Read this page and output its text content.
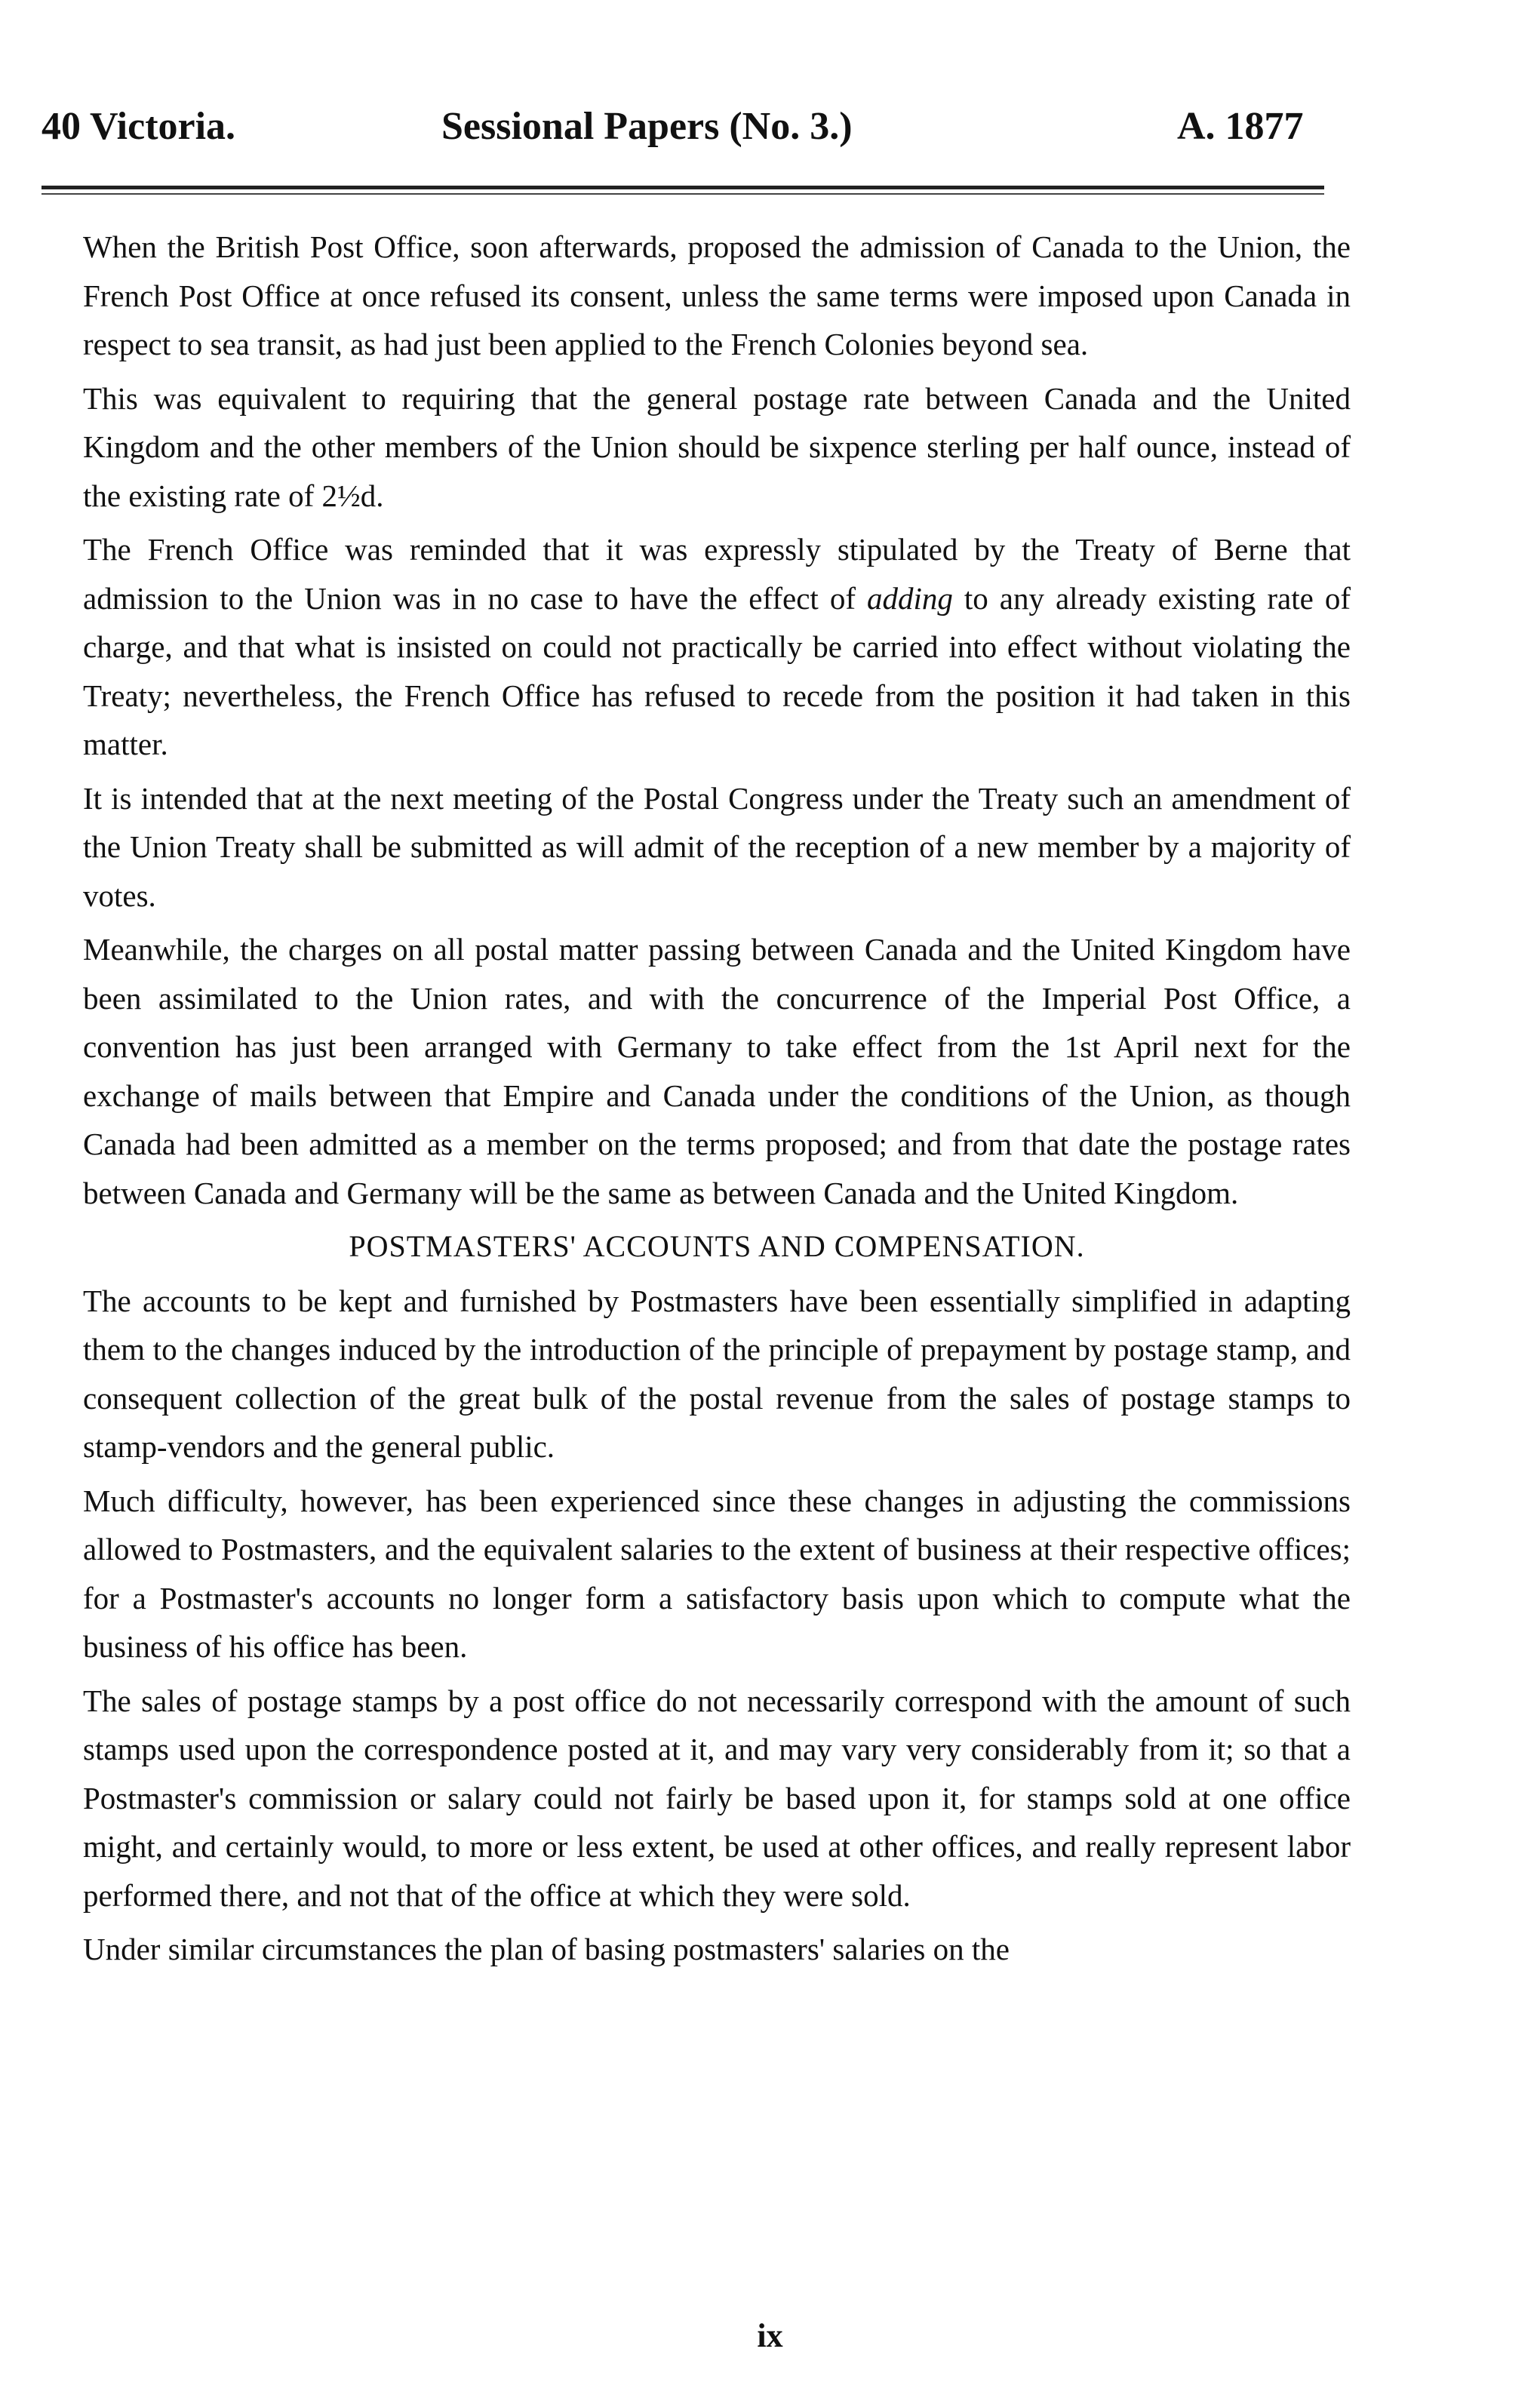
40 Victoria.	Sessional Papers (No. 3.)	A. 1877

When the British Post Office, soon afterwards, proposed the admission of Canada to the Union, the French Post Office at once refused its consent, unless the same terms were imposed upon Canada in respect to sea transit, as had just been applied to the French Colonies beyond sea.

This was equivalent to requiring that the general postage rate between Canada and the United Kingdom and the other members of the Union should be sixpence sterling per half ounce, instead of the existing rate of 2½d.

The French Office was reminded that it was expressly stipulated by the Treaty of Berne that admission to the Union was in no case to have the effect of adding to any already existing rate of charge, and that what is insisted on could not practically be carried into effect without violating the Treaty; nevertheless, the French Office has refused to recede from the position it had taken in this matter.

It is intended that at the next meeting of the Postal Congress under the Treaty such an amendment of the Union Treaty shall be submitted as will admit of the reception of a new member by a majority of votes.

Meanwhile, the charges on all postal matter passing between Canada and the United Kingdom have been assimilated to the Union rates, and with the concurrence of the Imperial Post Office, a convention has just been arranged with Germany to take effect from the 1st April next for the exchange of mails between that Empire and Canada under the conditions of the Union, as though Canada had been admitted as a member on the terms proposed; and from that date the postage rates between Canada and Germany will be the same as between Canada and the United Kingdom.

POSTMASTERS' ACCOUNTS AND COMPENSATION.

The accounts to be kept and furnished by Postmasters have been essentially simplified in adapting them to the changes induced by the introduction of the principle of prepayment by postage stamp, and consequent collection of the great bulk of the postal revenue from the sales of postage stamps to stamp-vendors and the general public.

Much difficulty, however, has been experienced since these changes in adjusting the commissions allowed to Postmasters, and the equivalent salaries to the extent of business at their respective offices; for a Postmaster's accounts no longer form a satisfactory basis upon which to compute what the business of his office has been.

The sales of postage stamps by a post office do not necessarily correspond with the amount of such stamps used upon the correspondence posted at it, and may vary very considerably from it; so that a Postmaster's commission or salary could not fairly be based upon it, for stamps sold at one office might, and certainly would, to more or less extent, be used at other offices, and really represent labor performed there, and not that of the office at which they were sold.

Under similar circumstances the plan of basing postmasters' salaries on the

ix
